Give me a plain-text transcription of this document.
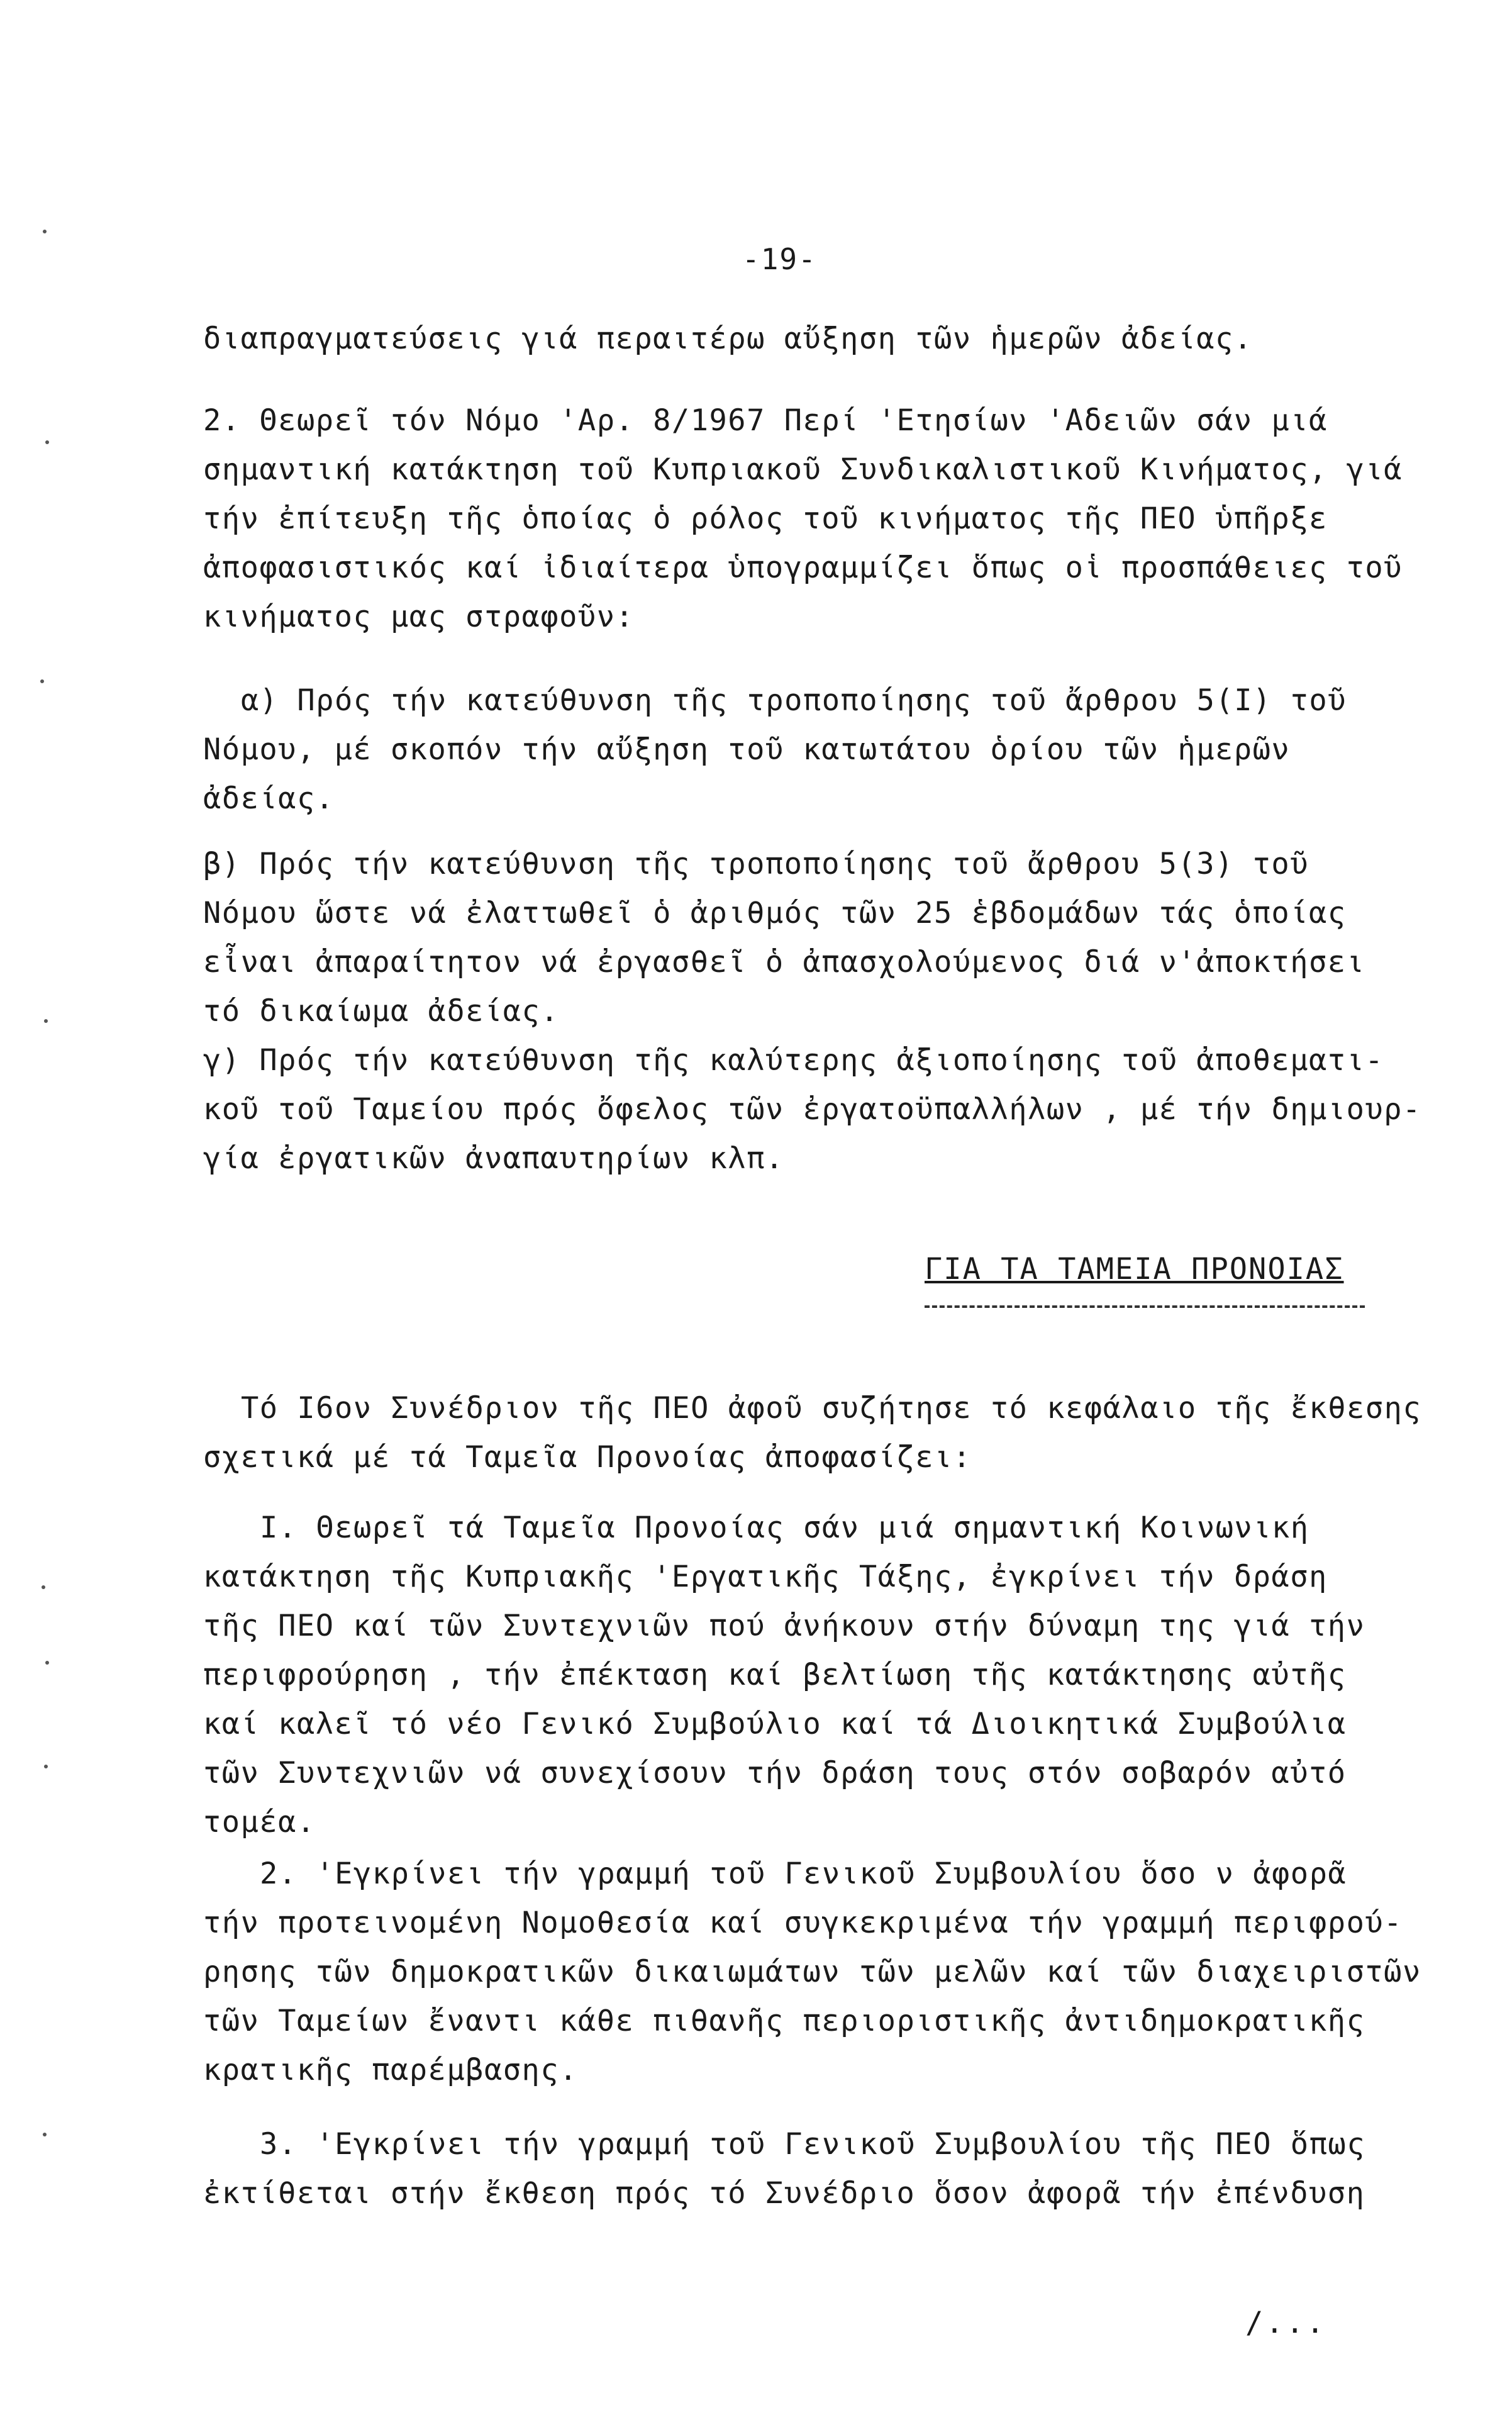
-19-
διαπραγματεύσεις γιά περαιτέρω αὔξηση τῶν ἡμερῶν ἀδείας.
2. Θεωρεῖ τόν Νόμο 'Αρ. 8/1967 Περί 'Ετησίων 'Αδειῶν σάν μιά
σημαντική κατάκτηση τοῦ Κυπριακοῦ Συνδικαλιστικοῦ Κινήματος, γιά
τήν ἐπίτευξη τῆς ὁποίας ὁ ρόλος τοῦ κινήματος τῆς ΠΕΟ ὑπῆρξε
ἀποφασιστικός καί ἰδιαίτερα ὑπογραμμίζει ὅπως οἱ προσπάθειες τοῦ
κινήματος μας στραφοῦν:
α) Πρός τήν κατεύθυνση τῆς τροποποίησης τοῦ ἄρθρου 5(I) τοῦ
Νόμου, μέ σκοπόν τήν αὔξηση τοῦ κατωτάτου ὁρίου τῶν ἡμερῶν
ἀδείας.
β) Πρός τήν κατεύθυνση τῆς τροποποίησης τοῦ ἄρθρου 5(3) τοῦ
Νόμου ὥστε νά ἐλαττωθεῖ ὁ ἀριθμός τῶν 25 ἑβδομάδων τάς ὁποίας
εἶναι ἀπαραίτητον νά ἐργασθεῖ ὁ ἀπασχολούμενος διά ν'ἀποκτήσει
τό δικαίωμα ἀδείας.
γ) Πρός τήν κατεύθυνση τῆς καλύτερης ἀξιοποίησης τοῦ ἀποθεματι-
κοῦ τοῦ Ταμείου πρός ὄφελος τῶν ἐργατοϋπαλλήλων , μέ τήν δημιουρ-
γία ἐργατικῶν ἀναπαυτηρίων κλπ.
ΓΙΑ ΤΑ ΤΑΜΕΙΑ ΠΡΟΝΟΙΑΣ
Τό Ι6ον Συνέδριον τῆς ΠΕΟ ἀφοῦ συζήτησε τό κεφάλαιο τῆς ἔκθεσης
σχετικά μέ τά Ταμεῖα Προνοίας ἀποφασίζει:
Ι. Θεωρεῖ τά Ταμεῖα Προνοίας σάν μιά σημαντική Κοινωνική
κατάκτηση τῆς Κυπριακῆς 'Εργατικῆς Τάξης, ἐγκρίνει τήν δράση
τῆς ΠΕΟ καί τῶν Συντεχνιῶν πού ἀνήκουν στήν δύναμη της γιά τήν
περιφρούρηση , τήν ἐπέκταση καί βελτίωση τῆς κατάκτησης αὐτῆς
καί καλεῖ τό νέο Γενικό Συμβούλιο καί τά Διοικητικά Συμβούλια
τῶν Συντεχνιῶν νά συνεχίσουν τήν δράση τους στόν σοβαρόν αὐτό
τομέα.
2. 'Εγκρίνει τήν γραμμή τοῦ Γενικοῦ Συμβουλίου ὅσο ν ἀφορᾶ
τήν προτεινομένη Νομοθεσία καί συγκεκριμένα τήν γραμμή περιφρού-
ρησης τῶν δημοκρατικῶν δικαιωμάτων τῶν μελῶν καί τῶν διαχειριστῶν
τῶν Ταμείων ἔναντι κάθε πιθανῆς περιοριστικῆς ἀντιδημοκρατικῆς
κρατικῆς παρέμβασης.
3. 'Εγκρίνει τήν γραμμή τοῦ Γενικοῦ Συμβουλίου τῆς ΠΕΟ ὅπως
ἐκτίθεται στήν ἔκθεση πρός τό Συνέδριο ὅσον ἀφορᾶ τήν ἐπένδυση
/...
